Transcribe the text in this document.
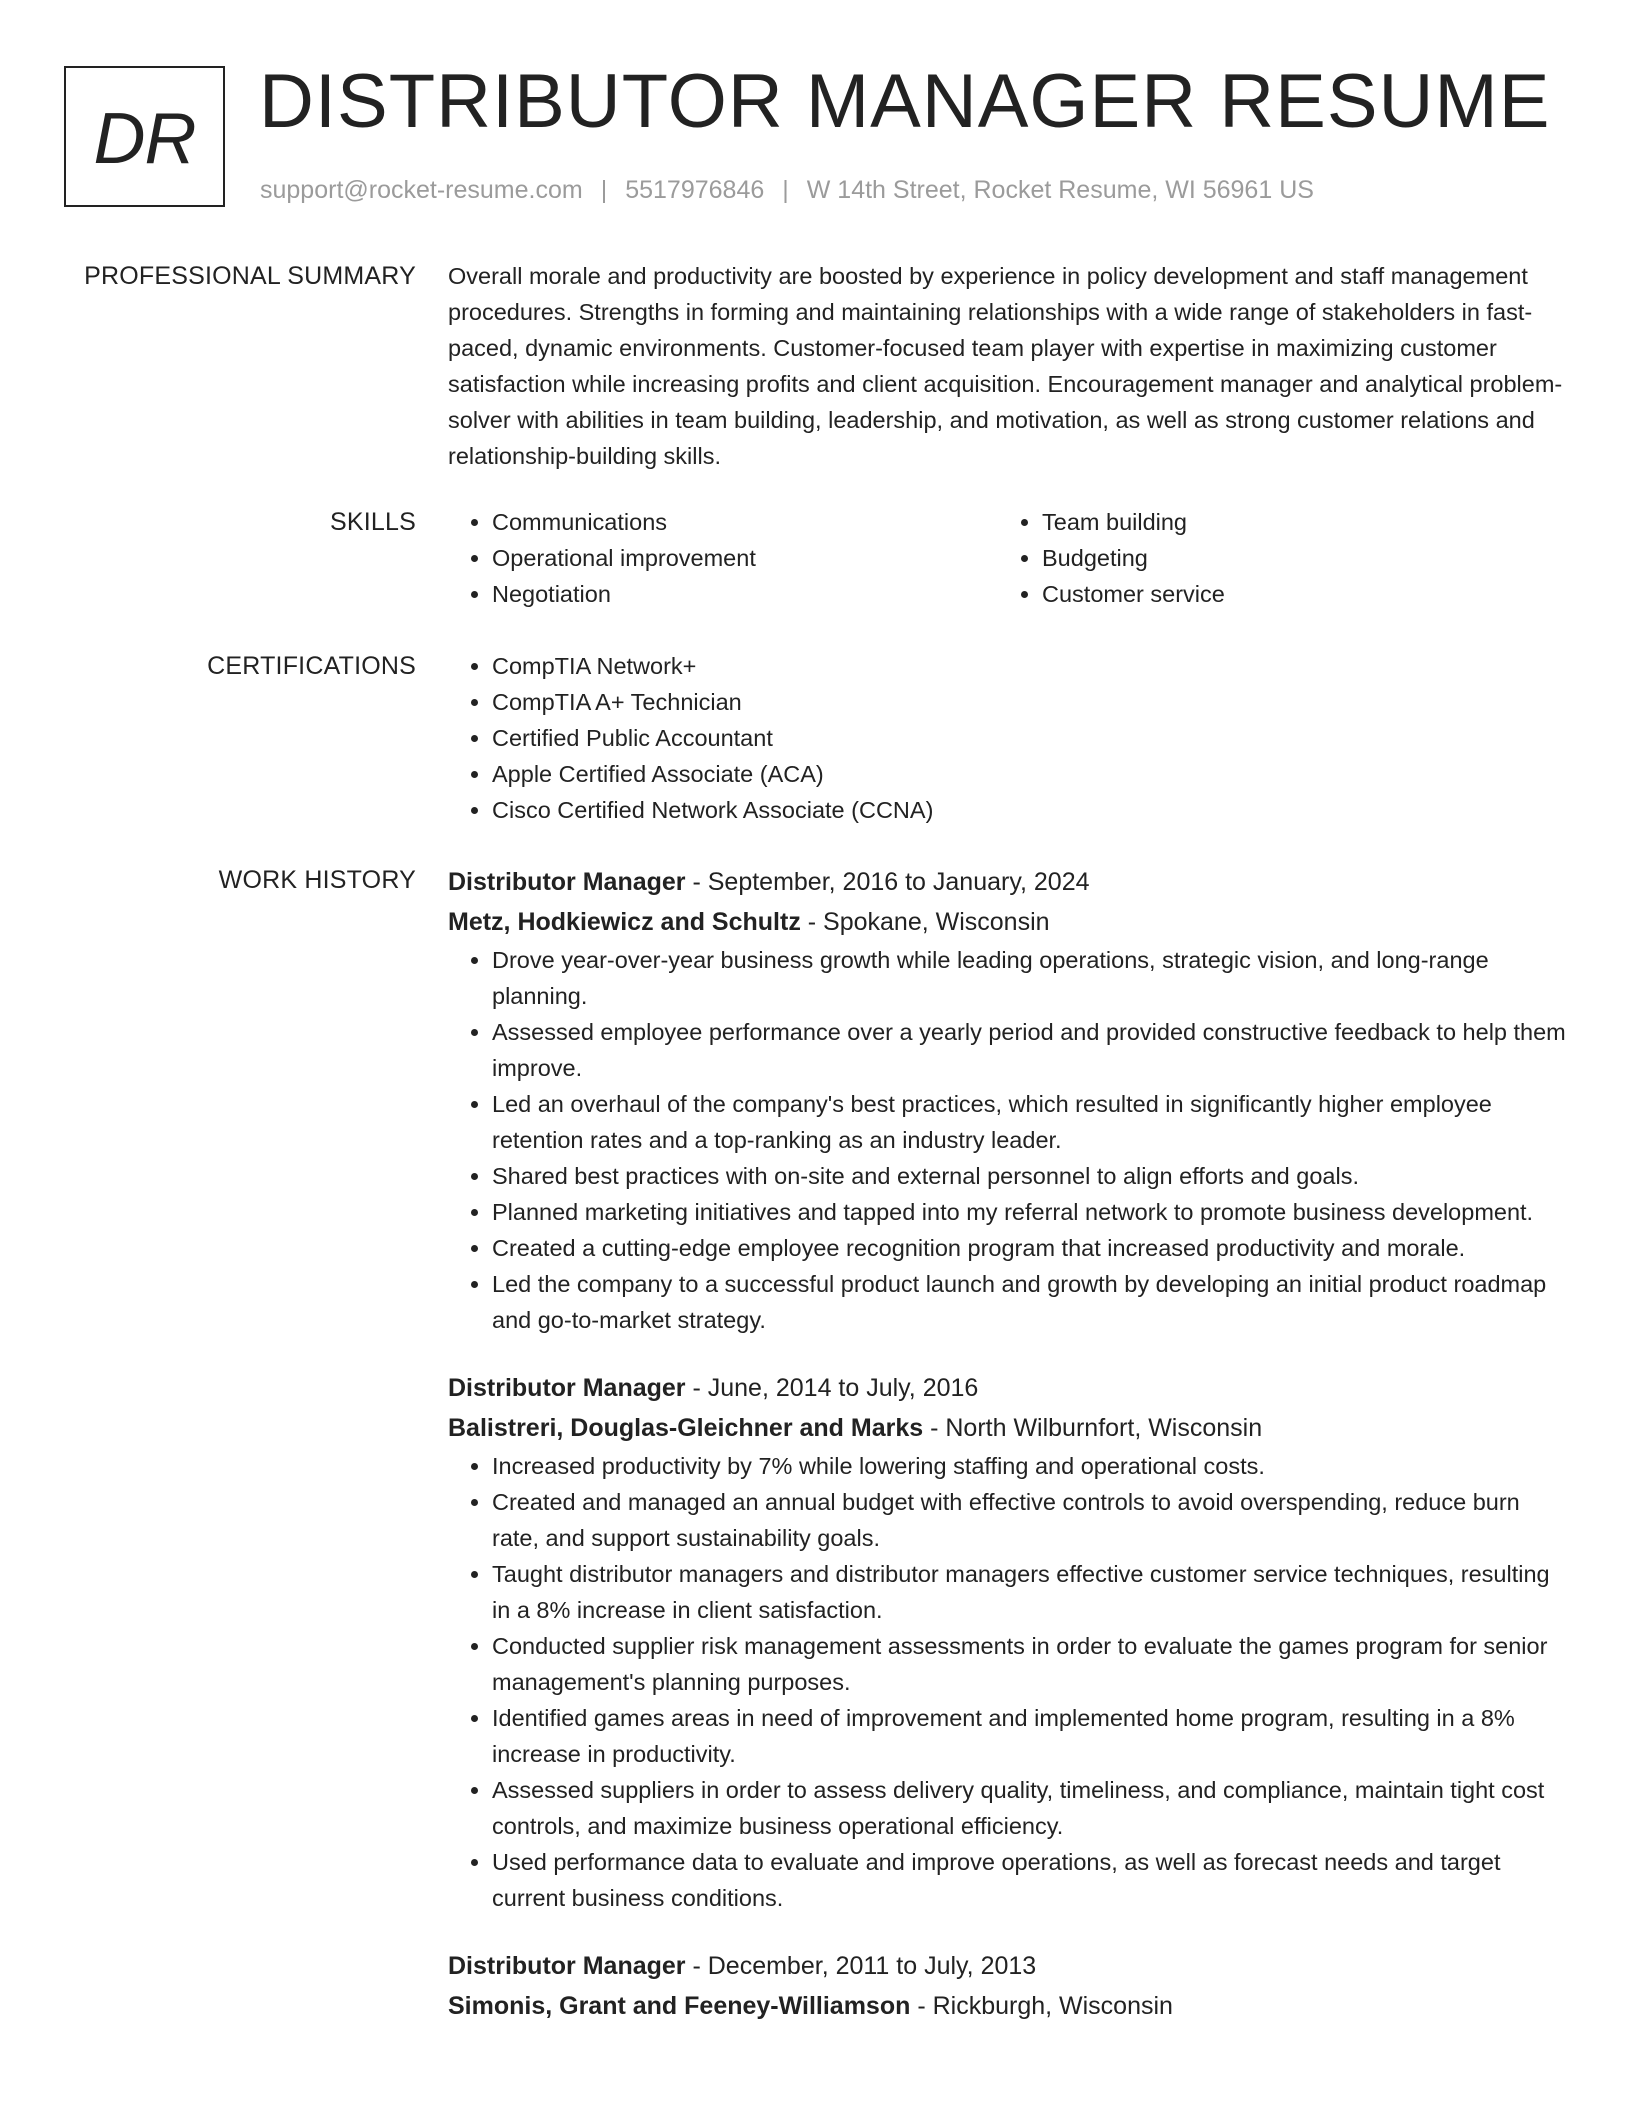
DR DISTRIBUTOR MANAGER RESUME
support@rocket-resume.com | 5517976846 | W 14th Street, Rocket Resume, WI 56961 US
PROFESSIONAL SUMMARY Overall morale and productivity are boosted by experience in policy development and staff management procedures. Strengths in forming and maintaining relationships with a wide range of stakeholders in fast-paced, dynamic environments. Customer-focused team player with expertise in maximizing customer satisfaction while increasing profits and client acquisition. Encouragement manager and analytical problem-solver with abilities in team building, leadership, and motivation, as well as strong customer relations and relationship-building skills.

SKILLS	• Communications
• Operational improvement
• Negotiation
• Team building
• Budgeting
• Customer service
CERTIFICATIONS	• CompTIA Network+
• CompTIA A+ Technician
• Certified Public Accountant
• Apple Certified Associate (ACA)
• Cisco Certified Network Associate (CCNA)
WORK HISTORY Distributor Manager - September, 2016 to January, 2024
Metz, Hodkiewicz and Schultz - Spokane, Wisconsin
• Drove year-over-year business growth while leading operations, strategic vision, and long-range planning.
• Assessed employee performance over a yearly period and provided constructive feedback to help them improve.
• Led an overhaul of the company's best practices, which resulted in significantly higher employee retention rates and a top-ranking as an industry leader.
• Shared best practices with on-site and external personnel to align efforts and goals.
• Planned marketing initiatives and tapped into my referral network to promote business development.
• Created a cutting-edge employee recognition program that increased productivity and morale.
• Led the company to a successful product launch and growth by developing an initial product roadmap and go-to-market strategy.
Distributor Manager - June, 2014 to July, 2016
Balistreri, Douglas-Gleichner and Marks - North Wilburnfort, Wisconsin
• Increased productivity by 7% while lowering staffing and operational costs.
• Created and managed an annual budget with effective controls to avoid overspending, reduce burn rate, and support sustainability goals.
• Taught distributor managers and distributor managers effective customer service techniques, resulting in a 8% increase in client satisfaction.
• Conducted supplier risk management assessments in order to evaluate the games program for senior management's planning purposes.
• Identified games areas in need of improvement and implemented home program, resulting in a 8% increase in productivity.
• Assessed suppliers in order to assess delivery quality, timeliness, and compliance, maintain tight cost controls, and maximize business operational efficiency.
• Used performance data to evaluate and improve operations, as well as forecast needs and target current business conditions.
Distributor Manager - December, 2011 to July, 2013
Simonis, Grant and Feeney-Williamson - Rickburgh, Wisconsin
